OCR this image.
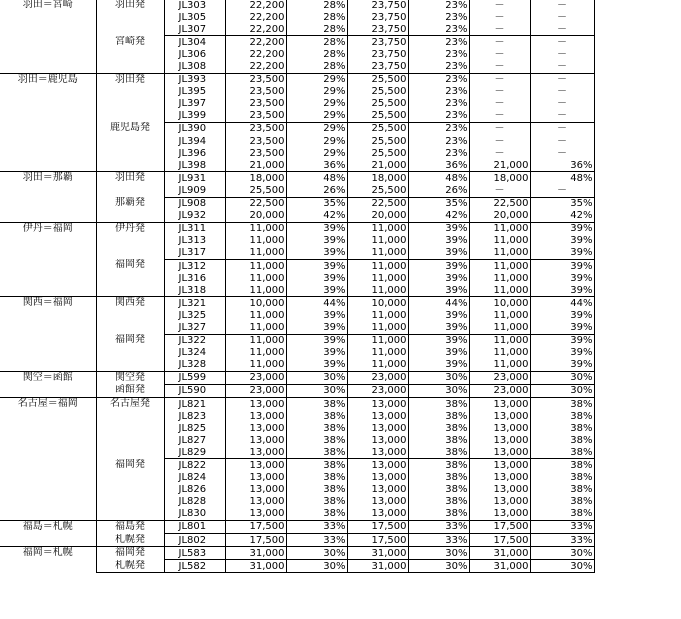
羽田＝宮崎	羽田発	JL303	22,200	28%	23,750	23%	－	－	
		JL305	22,200	28%	23,750	23%	－	－	
		JL307	22,200	28%	23,750	23%	－	－	
	宮崎発	JL304	22,200	28%	23,750	23%	－	－	
		JL306	22,200	28%	23,750	23%	－	－	
		JL308	22,200	28%	23,750	23%	－	－	
羽田＝鹿児島	羽田発	JL393	23,500	29%	25,500	23%	－	－	
		JL395	23,500	29%	25,500	23%	－	－	
		JL397	23,500	29%	25,500	23%	－	－	
		JL399	23,500	29%	25,500	23%	－	－	
	鹿児島発	JL390	23,500	29%	25,500	23%	－	－	
		JL394	23,500	29%	25,500	23%	－	－	
		JL396	23,500	29%	25,500	23%	－	－	
		JL398	21,000	36%	21,000	36%	21,000	36%	
羽田＝那覇	羽田発	JL931	18,000	48%	18,000	48%	18,000	48%	
		JL909	25,500	26%	25,500	26%	－	－	
	那覇発	JL908	22,500	35%	22,500	35%	22,500	35%	
		JL932	20,000	42%	20,000	42%	20,000	42%	
伊丹＝福岡	伊丹発	JL311	11,000	39%	11,000	39%	11,000	39%	
		JL313	11,000	39%	11,000	39%	11,000	39%	
		JL317	11,000	39%	11,000	39%	11,000	39%	
	福岡発	JL312	11,000	39%	11,000	39%	11,000	39%	
		JL316	11,000	39%	11,000	39%	11,000	39%	
		JL318	11,000	39%	11,000	39%	11,000	39%	
関西＝福岡	関西発	JL321	10,000	44%	10,000	44%	10,000	44%	
		JL325	11,000	39%	11,000	39%	11,000	39%	
		JL327	11,000	39%	11,000	39%	11,000	39%	
	福岡発	JL322	11,000	39%	11,000	39%	11,000	39%	
		JL324	11,000	39%	11,000	39%	11,000	39%	
		JL328	11,000	39%	11,000	39%	11,000	39%	
関空＝函館	関空発	JL599	23,000	30%	23,000	30%	23,000	30%	
	函館発	JL590	23,000	30%	23,000	30%	23,000	30%	
名古屋＝福岡	名古屋発	JL821	13,000	38%	13,000	38%	13,000	38%	
		JL823	13,000	38%	13,000	38%	13,000	38%	
		JL825	13,000	38%	13,000	38%	13,000	38%	
		JL827	13,000	38%	13,000	38%	13,000	38%	
		JL829	13,000	38%	13,000	38%	13,000	38%	
	福岡発	JL822	13,000	38%	13,000	38%	13,000	38%	
		JL824	13,000	38%	13,000	38%	13,000	38%	
		JL826	13,000	38%	13,000	38%	13,000	38%	
		JL828	13,000	38%	13,000	38%	13,000	38%	
		JL830	13,000	38%	13,000	38%	13,000	38%	
福島＝札幌	福島発	JL801	17,500	33%	17,500	33%	17,500	33%	
	札幌発	JL802	17,500	33%	17,500	33%	17,500	33%	
福岡＝札幌	福岡発	JL583	31,000	30%	31,000	30%	31,000	30%	
	札幌発	JL582	31,000	30%	31,000	30%	31,000	30%	
